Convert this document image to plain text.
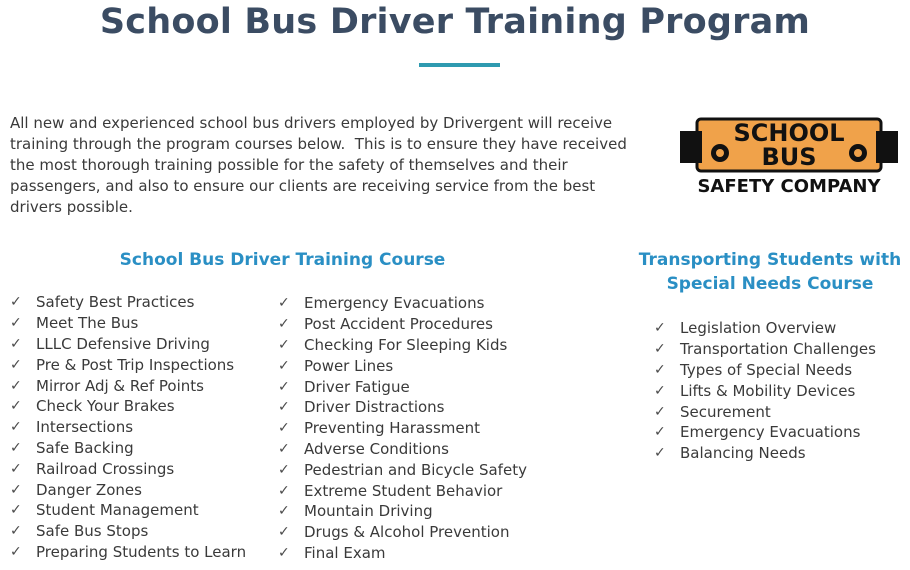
School Bus Driver Training Program
All new and experienced school bus drivers employed by Drivergent will receive training through the program courses below.  This is to ensure they have received the most thorough training possible for the safety of themselves and their passengers, and also to ensure our clients are receiving service from the best drivers possible.
SCHOOL
BUS
SAFETY COMPANY
School Bus Driver Training Course
✓ Safety Best Practices
✓ Meet The Bus
✓ LLLC Defensive Driving
✓ Pre & Post Trip Inspections
✓ Mirror Adj & Ref Points
✓ Check Your Brakes
✓ Intersections
✓ Safe Backing
✓ Railroad Crossings
✓ Danger Zones
✓ Student Management
✓ Safe Bus Stops
✓ Preparing Students to Learn
✓ Emergency Evacuations
✓ Post Accident Procedures
✓ Checking For Sleeping Kids
✓ Power Lines
✓ Driver Fatigue
✓ Driver Distractions
✓ Preventing Harassment
✓ Adverse Conditions
✓ Pedestrian and Bicycle Safety
✓ Extreme Student Behavior
✓ Mountain Driving
✓ Drugs & Alcohol Prevention
✓ Final Exam
Transporting Students with
Special Needs Course
✓ Legislation Overview
✓ Transportation Challenges
✓ Types of Special Needs
✓ Lifts & Mobility Devices
✓ Securement
✓ Emergency Evacuations
✓ Balancing Needs
